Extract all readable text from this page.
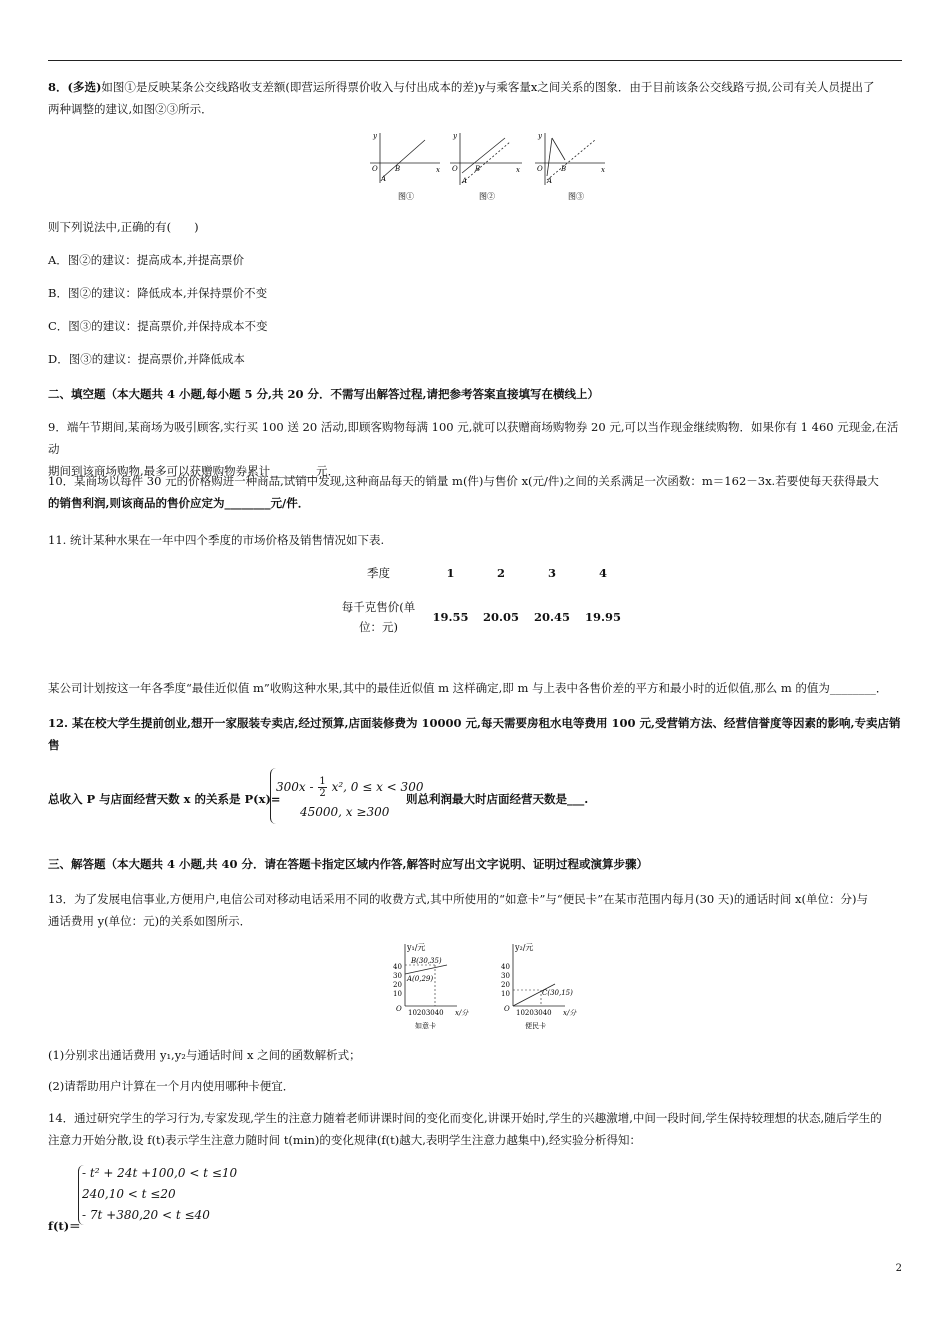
8．(多选)如图①是反映某条公交线路收支差额(即营运所得票价收入与付出成本的差)y与乘客量x之间关系的图象．由于目前该条公交线路亏损,公司有关人员提出了
两种调整的建议,如图②③所示．
y
x
O
A
B
图①
y
x
O
A
B
图②
y
x
O
A
B
图③
则下列说法中,正确的有(　　)
A．图②的建议：提高成本,并提高票价
B．图②的建议：降低成本,并保持票价不变
C．图③的建议：提高票价,并保持成本不变
D．图③的建议：提高票价,并降低成本
二、填空题（本大题共 4 小题,每小题 5 分,共 20 分．不需写出解答过程,请把参考答案直接填写在横线上）
9．端午节期间,某商场为吸引顾客,实行买 100 送 20 活动,即顾客购物每满 100 元,就可以获赠商场购物券 20 元,可以当作现金继续购物．如果你有 1 460 元现金,在活动
期间到该商场购物,最多可以获赠购物券累计________元．
10．某商场以每件 30 元的价格购进一种商品,试销中发现,这种商品每天的销量 m(件)与售价 x(元/件)之间的关系满足一次函数：m＝162－3x.若要使每天获得最大
的销售利润,则该商品的售价应定为________元/件．
11. 统计某种水果在一年中四个季度的市场价格及销售情况如下表.
季度	1	2	3	4
每千克售价(单
位：元)	19.55	20.05	20.45	19.95
某公司计划按这一年各季度“最佳近似值 m”收购这种水果,其中的最佳近似值 m 这样确定,即 m 与上表中各售价差的平方和最小时的近似值,那么 m 的值为________．
12. 某在校大学生提前创业,想开一家服装专卖店,经过预算,店面装修费为 10000 元,每天需要房租水电等费用 100 元,受营销方法、经营信誉度等因素的影响,专卖店销售
总收入 P 与店面经营天数 x 的关系是 P(x)=
$300x - \frac{1}{2} x^2$, 0 ≤ x < 300
45000, x ≥300
则总利润最大时店面经营天数是___.
三、解答题（本大题共 4 小题,共 40 分．请在答题卡指定区域内作答,解答时应写出文字说明、证明过程或演算步骤）
13．为了发展电信事业,方便用户,电信公司对移动电话采用不同的收费方式,其中所使用的“如意卡”与“便民卡”在某市范围内每月(30 天)的通话时间 x(单位：分)与
通话费用 y(单位：元)的关系如图所示．
y₁/元
40
30
20
10
O 10203040 x/分
B(30,35)
A(0,29)
如意卡
y₂/元
40
30
20
10
O 10203040 x/分
C(30,15)
便民卡
(1)分别求出通话费用 y₁,y₂与通话时间 x 之间的函数解析式；
(2)请帮助用户计算在一个月内使用哪种卡便宜．
14．通过研究学生的学习行为,专家发现,学生的注意力随着老师讲课时间的变化而变化,讲课开始时,学生的兴趣激增,中间一段时间,学生保持较理想的状态,随后学生的
注意力开始分散,设 f(t)表示学生注意力随时间 t(min)的变化规律(f(t)越大,表明学生注意力越集中),经实验分析得知：
- t² + 24t +100,0 < t ≤10
240,10 < t ≤20
- 7t +380,20 < t ≤40
f(t)＝
2
